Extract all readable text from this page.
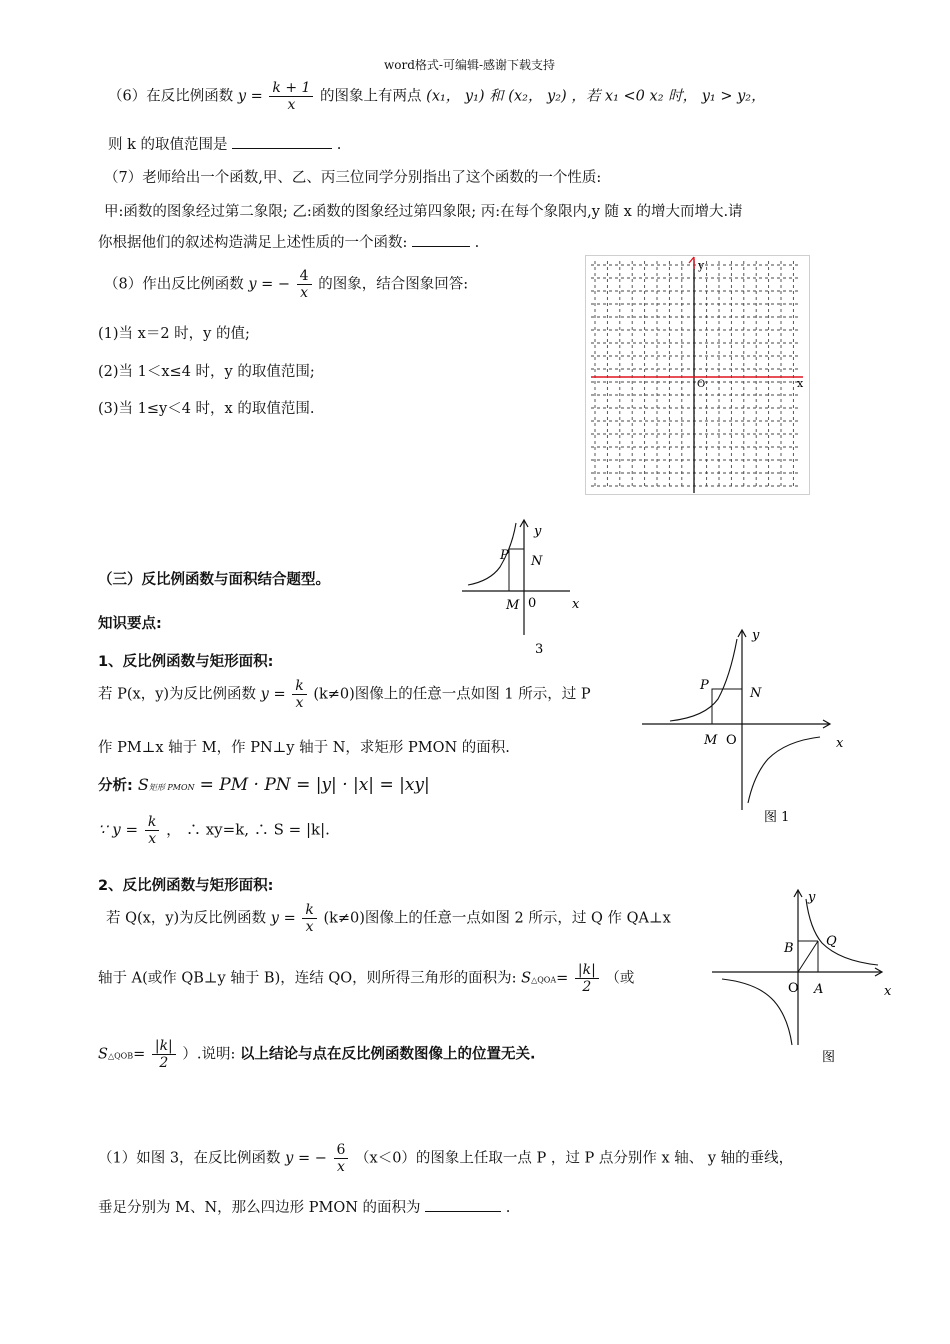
word格式-可编辑-感谢下载支持
（6）在反比例函数 $y = \frac{k + 1}{x}$ 的图象上有两点 (x₁， y₁) 和 (x₂， y₂) ，若 x₁ <0 x₂ 时， y₁ > y₂，
则 k 的取值范围是	.
（7）老师给出一个函数,甲、乙、丙三位同学分别指出了这个函数的一个性质:
甲:函数的图象经过第二象限; 乙:函数的图象经过第四象限; 丙:在每个象限内,y 随 x 的增大而增大.请
你根据他们的叙述构造满足上述性质的一个函数:	.
（8）作出反比例函数 y = − $\frac{4}{x}$ 的图象，结合图象回答:
(1)当 x＝2 时，y 的值;
(2)当 1＜x≤4 时，y 的取值范围;
(3)当 1≤y＜4 时，x 的取值范围.
y
x
O
y
P N
M 0	x
3
（三）反比例函数与面积结合题型。
知识要点:
1、反比例函数与矩形面积:
若 P(x，y)为反比例函数 $y = \frac{k}{x} (k\ne 0)$图像上的任意一点如图 1 所示，过 P
作 PM⊥x 轴于 M，作 PN⊥y 轴于 N，求矩形 PMON 的面积.
分析: S矩形 PMON = PM · PN = |y| · |x| = |xy|
∵ $y = \frac{k}{x}$ ， ∴ xy=k, ∴ S = |k|.
2、反比例函数与矩形面积:
若 Q(x，y)为反比例函数 $y = \frac{k}{x} (k\ne 0)$图像上的任意一点如图 2 所示，过 Q 作 QA⊥x
轴于 A(或作 QB⊥y 轴于 B)，连结 QO，则所得三角形的面积为: S△QOA= $\frac{|k|}{2}$ （或
S△QOB= $\frac{|k|}{2}$ ）.说明: 以上结论与点在反比例函数图像上的位置无关.
y
P
N
M O	x
图 1
y
B Q
O A	x
图
（1）如图 3，在反比例函数 y = − $\frac{6}{x} (x<0)$的图象上任取一点 P ，过 P 点分别作 x 轴、 y 轴的垂线，
垂足分别为 M、N，那么四边形 PMON 的面积为	.
